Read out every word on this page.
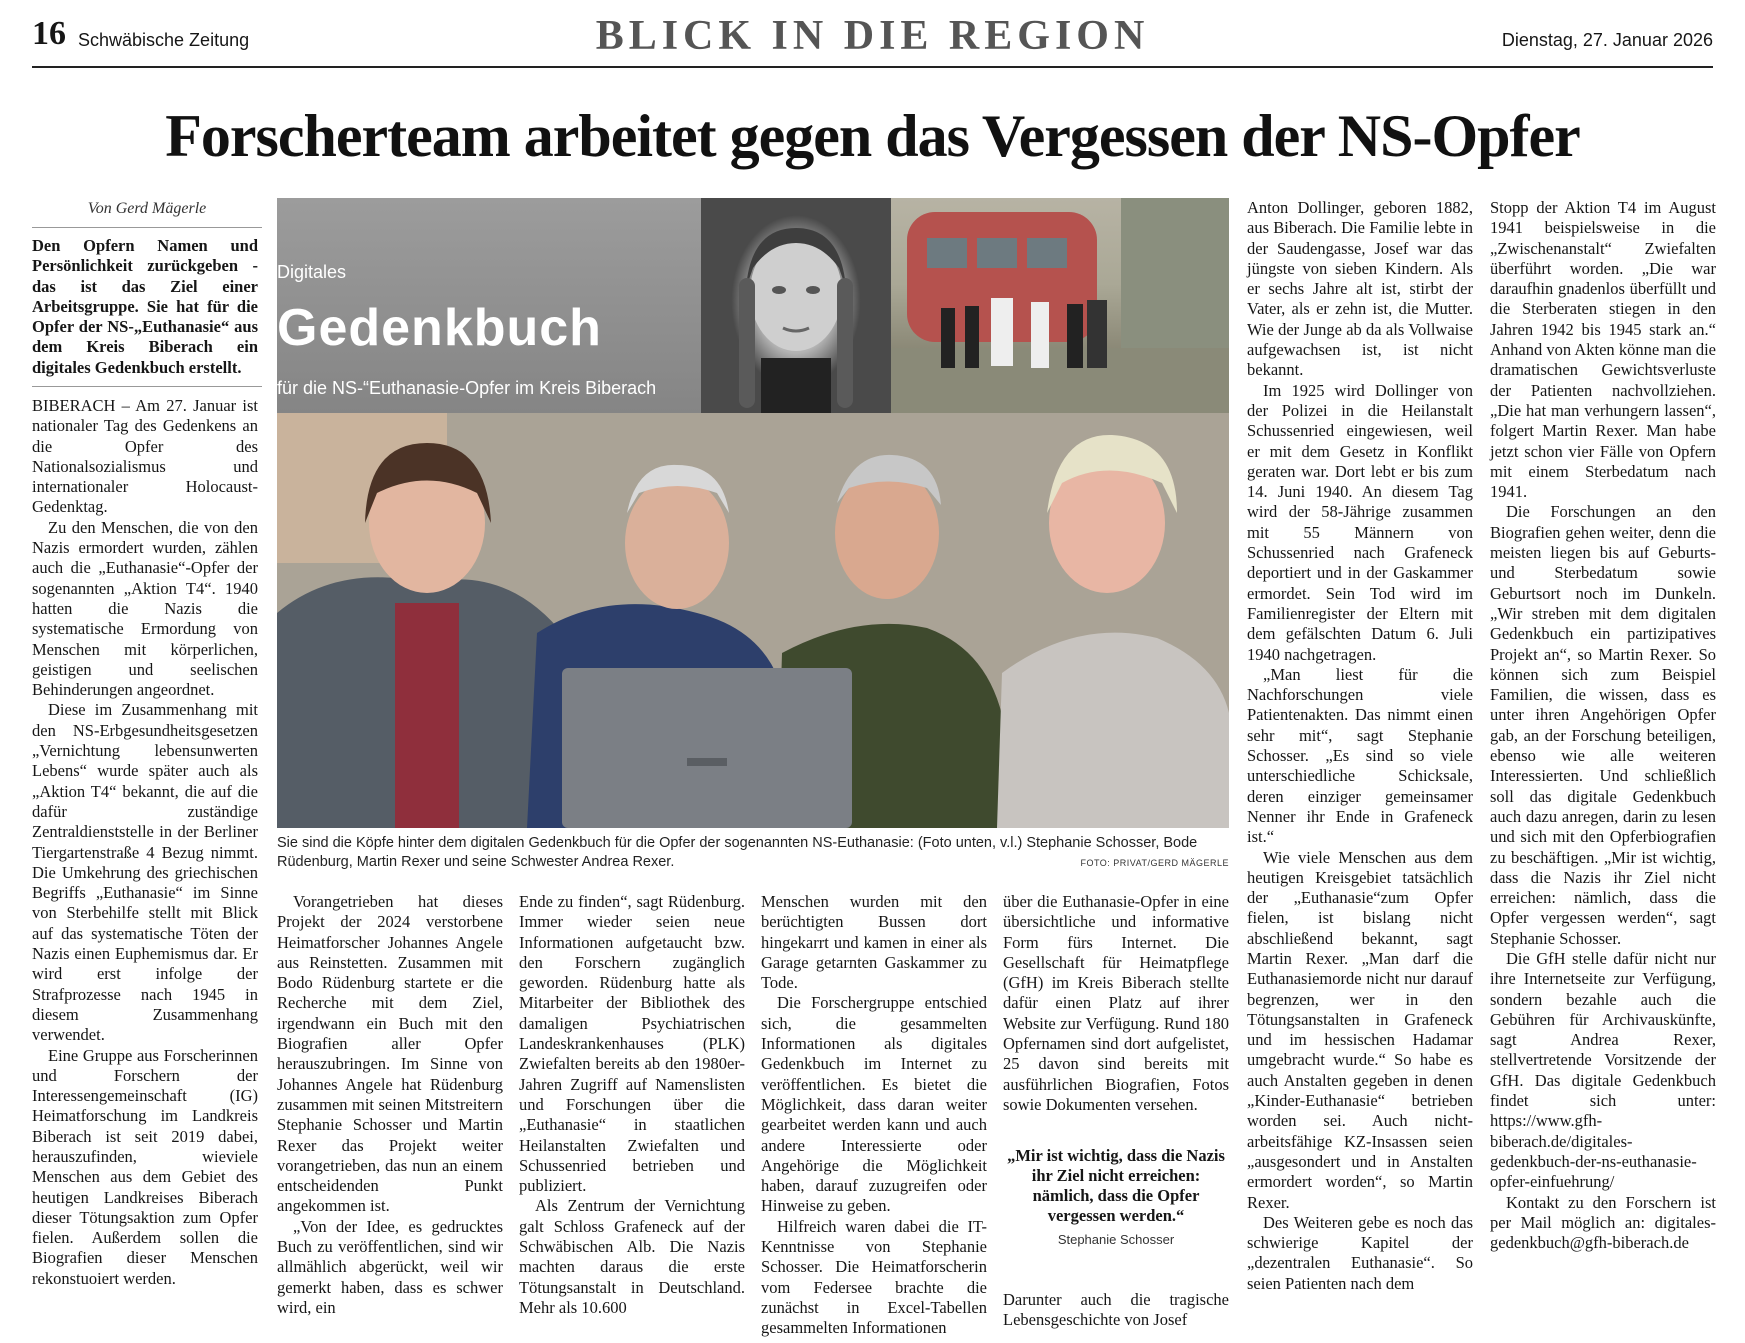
16 Schwäbische Zeitung	BLICK IN DIE REGION	Dienstag, 27. Januar 2026
Forscherteam arbeitet gegen das Vergessen der NS-Opfer
Von Gerd Mägerle
Den Opfern Namen und Persönlichkeit zurückgeben - das ist das Ziel einer Arbeitsgruppe. Sie hat für die Opfer der NS-„Euthanasie“ aus dem Kreis Biberach ein digitales Gedenkbuch erstellt.
Digitales
Gedenkbuch
für die NS-“Euthanasie-Opfer im Kreis Biberach
Sie sind die Köpfe hinter dem digitalen Gedenkbuch für die Opfer der sogenannten NS-Euthanasie: (Foto unten, v.l.) Stephanie Schosser, Bode Rüdenburg, Martin Rexer und seine Schwester Andrea Rexer.	FOTO: PRIVAT/GERD MÄGERLE

BIBERACH – Am 27. Januar ist nationaler Tag des Gedenkens an die Opfer des Nationalsozialismus und internationaler Holocaust-Gedenktag.

Zu den Menschen, die von den Nazis ermordert wurden, zählen auch die „Euthanasie“-Opfer der sogenannten „Aktion T4“. 1940 hatten die Nazis die systematische Ermordung von Menschen mit körperlichen, geistigen und seelischen Behinderungen angeordnet.

Diese im Zusammenhang mit den NS-Erbgesundheitsgesetzen „Vernichtung lebensunwerten Lebens“ wurde später auch als „Aktion T4“ bekannt, die auf die dafür zuständige Zentraldienststelle in der Berliner Tiergartenstraße 4 Bezug nimmt. Die Umkehrung des griechischen Begriffs „Euthanasie“ im Sinne von Sterbehilfe stellt mit Blick auf das systematische Töten der Nazis einen Euphemismus dar. Er wird erst infolge der Strafprozesse nach 1945 in diesem Zusammenhang verwendet.

Eine Gruppe aus Forscherinnen und Forschern der Interessengemeinschaft (IG) Heimatforschung im Landkreis Biberach ist seit 2019 dabei, herauszufinden, wieviele Menschen aus dem Gebiet des heutigen Landkreises Biberach dieser Tötungsaktion zum Opfer fielen. Außerdem sollen die Biografien dieser Menschen rekonstuoiert werden.

Vorangetrieben hat dieses Projekt der 2024 verstorbene Heimatforscher Johannes Angele aus Reinstetten. Zusammen mit Bodo Rüdenburg startete er die Recherche mit dem Ziel, irgendwann ein Buch mit den Biografien aller Opfer herauszubringen. Im Sinne von Johannes Angele hat Rüdenburg zusammen mit seinen Mitstreitern Stephanie Schosser und Martin Rexer das Projekt weiter vorangetrieben, das nun an einem entscheidenden Punkt angekommen ist.

„Von der Idee, es gedrucktes Buch zu veröffentlichen, sind wir allmählich abgerückt, weil wir gemerkt haben, dass es schwer wird, ein

Ende zu finden“, sagt Rüdenburg. Immer wieder seien neue Informationen aufgetaucht bzw. den Forschern zugänglich geworden. Rüdenburg hatte als Mitarbeiter der Bibliothek des damaligen Psychiatrischen Landeskrankenhauses (PLK) Zwiefalten bereits ab den 1980er-Jahren Zugriff auf Namenslisten und Forschungen über die „Euthanasie“ in staatlichen Heilanstalten Zwiefalten und Schussenried betrieben und publiziert.

Als Zentrum der Vernichtung galt Schloss Grafeneck auf der Schwäbischen Alb. Die Nazis machten daraus die erste Tötungsanstalt in Deutschland. Mehr als 10.600

Menschen wurden mit den berüchtigten Bussen dort hingekarrt und kamen in einer als Garage getarnten Gaskammer zu Tode.

Die Forschergruppe entschied sich, die gesammelten Informationen als digitales Gedenkbuch im Internet zu veröffentlichen. Es bietet die Möglichkeit, dass daran weiter gearbeitet werden kann und auch andere Interessierte oder Angehörige die Möglichkeit haben, darauf zuzugreifen oder Hinweise zu geben.

Hilfreich waren dabei die IT-Kenntnisse von Stephanie Schosser. Die Heimatforscherin vom Federsee brachte die zunächst in Excel-Tabellen gesammelten Informationen

über die Euthanasie-Opfer in eine übersichtliche und informative Form fürs Internet. Die Gesellschaft für Heimatpflege (GfH) im Kreis Biberach stellte dafür einen Platz auf ihrer Website zur Verfügung. Rund 180 Opfernamen sind dort aufgelistet, 25 davon sind bereits mit ausführlichen Biografien, Fotos sowie Dokumenten versehen.

„Mir ist wichtig, dass die Nazis ihr Ziel nicht erreichen: nämlich, dass die Opfer vergessen werden.“
Stephanie Schosser

Darunter auch die tragische Lebensgeschichte von Josef

Anton Dollinger, geboren 1882, aus Biberach. Die Familie lebte in der Saudengasse, Josef war das jüngste von sieben Kindern. Als er sechs Jahre alt ist, stirbt der Vater, als er zehn ist, die Mutter. Wie der Junge ab da als Vollwaise aufgewachsen ist, ist nicht bekannt.

Im 1925 wird Dollinger von der Polizei in die Heilanstalt Schussenried eingewiesen, weil er mit dem Gesetz in Konflikt geraten war. Dort lebt er bis zum 14. Juni 1940. An diesem Tag wird der 58-Jährige zusammen mit 55 Männern von Schussenried nach Grafeneck deportiert und in der Gaskammer ermordet. Sein Tod wird im Familienregister der Eltern mit dem gefälschten Datum 6. Juli 1940 nachgetragen.

„Man liest für die Nachforschungen viele Patientenakten. Das nimmt einen sehr mit“, sagt Stephanie Schosser. „Es sind so viele unterschiedliche Schicksale, deren einziger gemeinsamer Nenner ihr Ende in Grafeneck ist.“

Wie viele Menschen aus dem heutigen Kreisgebiet tatsächlich der „Euthanasie“zum Opfer fielen, ist bislang nicht abschließend bekannt, sagt Martin Rexer. „Man darf die Euthanasiemorde nicht nur darauf begrenzen, wer in den Tötungsanstalten in Grafeneck und im hessischen Hadamar umgebracht wurde.“ So habe es auch Anstalten gegeben in denen „Kinder-Euthanasie“ betrieben worden sei. Auch nicht-arbeitsfähige KZ-Insassen seien „ausgesondert und in Anstalten ermordert worden“, so Martin Rexer.

Des Weiteren gebe es noch das schwierige Kapitel der „dezentralen Euthanasie“. So seien Patienten nach dem

Stopp der Aktion T4 im August 1941 beispielsweise in die „Zwischenanstalt“ Zwiefalten überführt worden. „Die war daraufhin gnadenlos überfüllt und die Sterberaten stiegen in den Jahren 1942 bis 1945 stark an.“ Anhand von Akten könne man die dramatischen Gewichtsverluste der Patienten nachvollziehen. „Die hat man verhungern lassen“, folgert Martin Rexer. Man habe jetzt schon vier Fälle von Opfern mit einem Sterbedatum nach 1941.

Die Forschungen an den Biografien gehen weiter, denn die meisten liegen bis auf Geburts- und Sterbedatum sowie Geburtsort noch im Dunkeln. „Wir streben mit dem digitalen Gedenkbuch ein partizipatives Projekt an“, so Martin Rexer. So können sich zum Beispiel Familien, die wissen, dass es unter ihren Angehörigen Opfer gab, an der Forschung beteiligen, ebenso wie alle weiteren Interessierten. Und schließlich soll das digitale Gedenkbuch auch dazu anregen, darin zu lesen und sich mit den Opferbiografien zu beschäftigen. „Mir ist wichtig, dass die Nazis ihr Ziel nicht erreichen: nämlich, dass die Opfer vergessen werden“, sagt Stephanie Schosser.

Die GfH stelle dafür nicht nur ihre Internetseite zur Verfügung, sondern bezahle auch die Gebühren für Archivauskünfte, sagt Andrea Rexer, stellvertretende Vorsitzende der GfH. Das digitale Gedenkbuch findet sich unter: https://www.gfh-biberach.de/digitales-gedenkbuch-der-ns-euthanasie-opfer-einfuehrung/

Kontakt zu den Forschern ist per Mail möglich an: digitales-gedenkbuch@gfh-biberach.de
